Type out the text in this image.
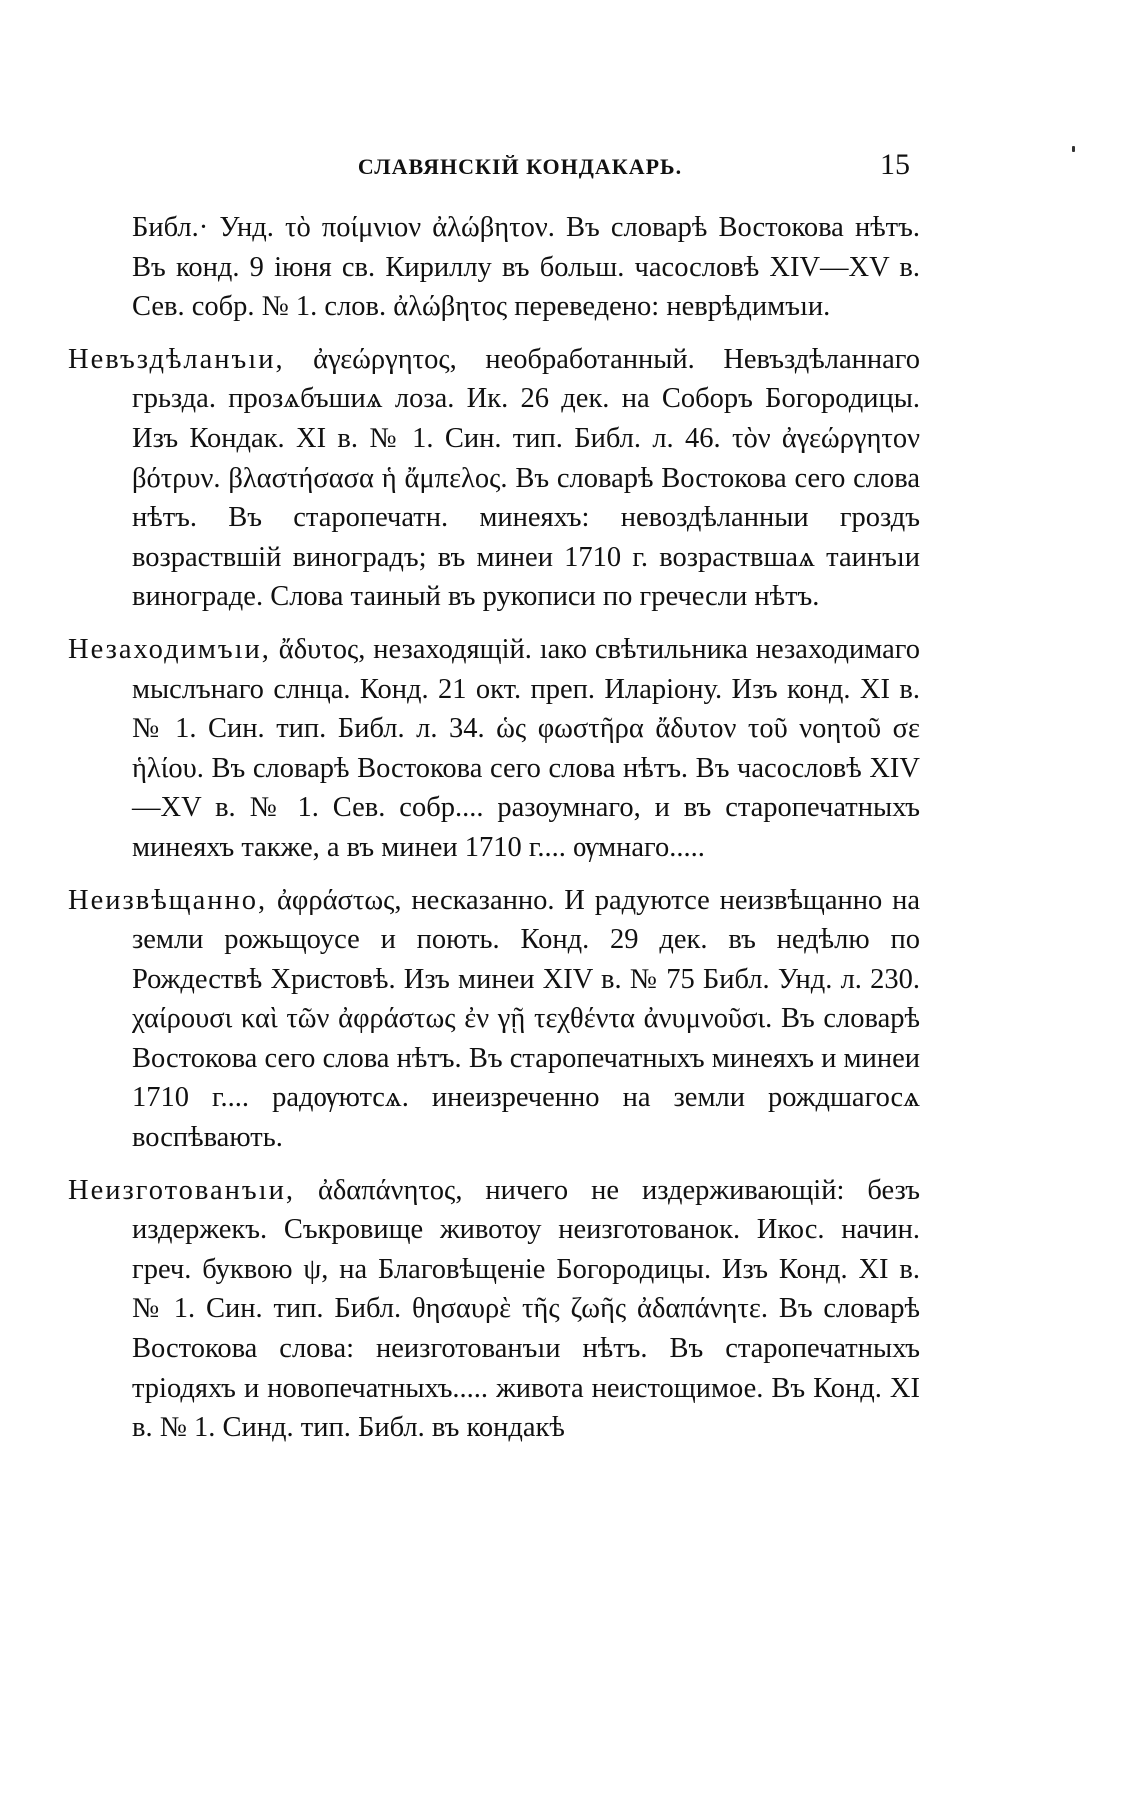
СЛАВЯНСКІЙ КОНДАКАРЬ.	15

Библ.· Унд. τὸ ποίμνιον ἀλώβητον. Въ словарѣ Востокова нѣтъ. Въ конд. 9 іюня св. Кириллу въ больш. часословѣ XIV—XV в. Сев. собр. № 1. слов. ἀλώβητος переведено: неврѣдимъıи.

Невъздѣланъıи, ἀγεώργητος, необработанный. Невъздѣланнаго грьзда. прозѧбъшиѧ лоза. Ик. 26 дек. на Соборъ Богородицы. Изъ Кондак. XI в. № 1. Син. тип. Библ. л. 46. τὸν ἀγεώργητον βότρυν. βλαστήσασα ἡ ἄμπελος. Въ словарѣ Востокова сего слова нѣтъ. Въ старопечатн. минеяхъ: невоздѣланныи гроздъ возраствшій виноградъ; въ минеи 1710 г. возраствшаѧ таинъıи винограде. Слова таиный въ рукописи по гречесли нѣтъ.

Незаходимъıи, ἄδυτος, незаходящій. ıако свѣтильника незаходимаго мыслънаго слнца. Конд. 21 окт. преп. Иларіону. Изъ конд. XI в. № 1. Син. тип. Библ. л. 34. ὡς φωστῆρα ἄδυτον τοῦ νοητοῦ σε ἡλίου. Въ словарѣ Востокова сего слова нѣтъ. Въ часословѣ XIV—XV в. № 1. Сев. собр.... разоумнаго, и въ старопечатныхъ минеяхъ также, а въ минеи 1710 г.... ѹмнаго.....

Неизвѣщанно, ἀφράστως, несказанно. И радуютсе неизвѣщанно на земли рожьщоусе и поють. Конд. 29 дек. въ недѣлю по Рождествѣ Христовѣ. Изъ минеи XIV в. № 75 Библ. Унд. л. 230. χαίρουσι καὶ τῶν ἀφράστως ἐν γῇ τεχθέντα ἀνυμνοῦσι. Въ словарѣ Востокова сего слова нѣтъ. Въ старопечатныхъ минеяхъ и минеи 1710 г.... радѹютсѧ. инеизреченно на земли рождшагосѧ воспѣвають.

Неизготованъıи, ἀδαπάνητος, ничего не издерживающій: безъ издержекъ. Съкровище животоу неизготованок. Икос. начин. греч. буквою ψ, на Благовѣщеніе Богородицы. Изъ Конд. XI в. № 1. Син. тип. Библ. θησαυρὲ τῆς ζωῆς ἀδαπάνητε. Въ словарѣ Востокова слова: неизготованъıи нѣтъ. Въ старопечатныхъ тріодяхъ и новопечатныхъ..... живота неистощимое. Въ Конд. XI в. № 1. Синд. тип. Библ. въ кондакѣ
